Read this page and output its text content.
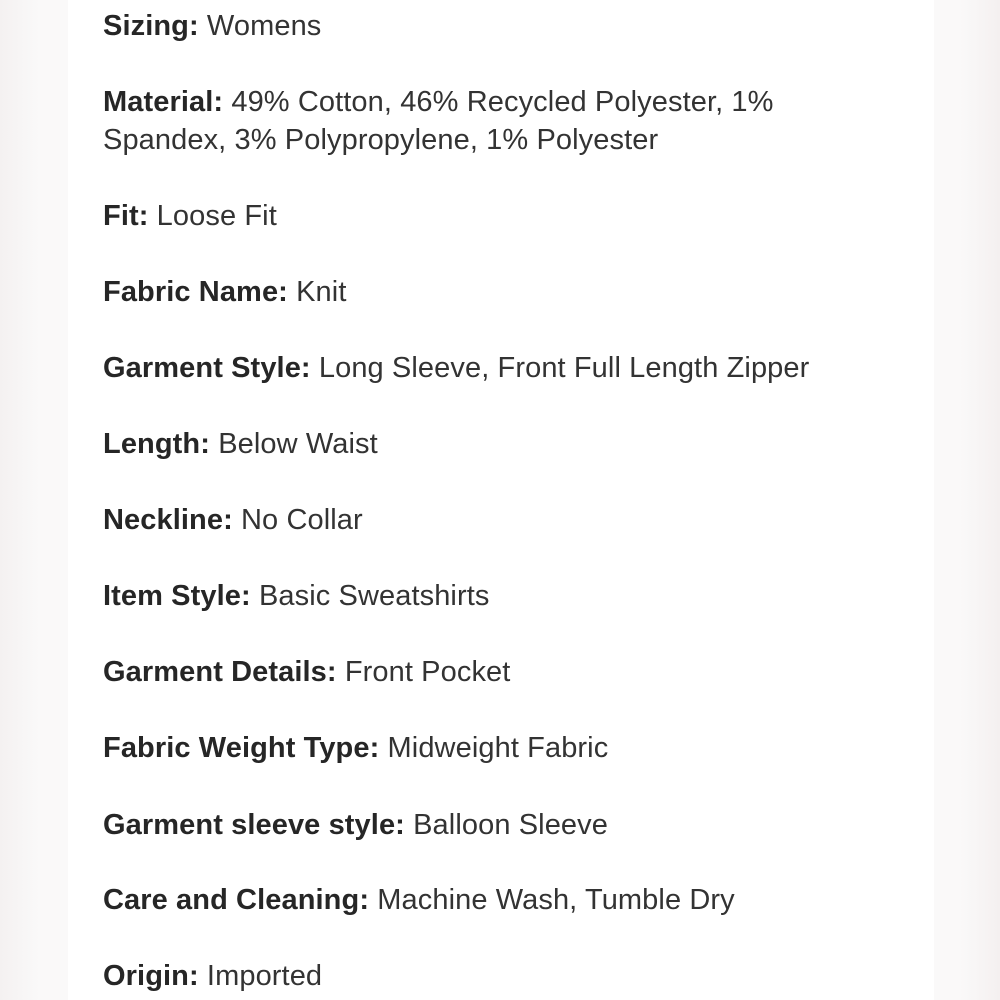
Sizing: Womens
Material: 49% Cotton, 46% Recycled Polyester, 1% Spandex, 3% Polypropylene, 1% Polyester
Fit: Loose Fit
Fabric Name: Knit
Garment Style: Long Sleeve, Front Full Length Zipper
Length: Below Waist
Neckline: No Collar
Item Style: Basic Sweatshirts
Garment Details: Front Pocket
Fabric Weight Type: Midweight Fabric
Garment sleeve style: Balloon Sleeve
Care and Cleaning: Machine Wash, Tumble Dry
Origin: Imported
